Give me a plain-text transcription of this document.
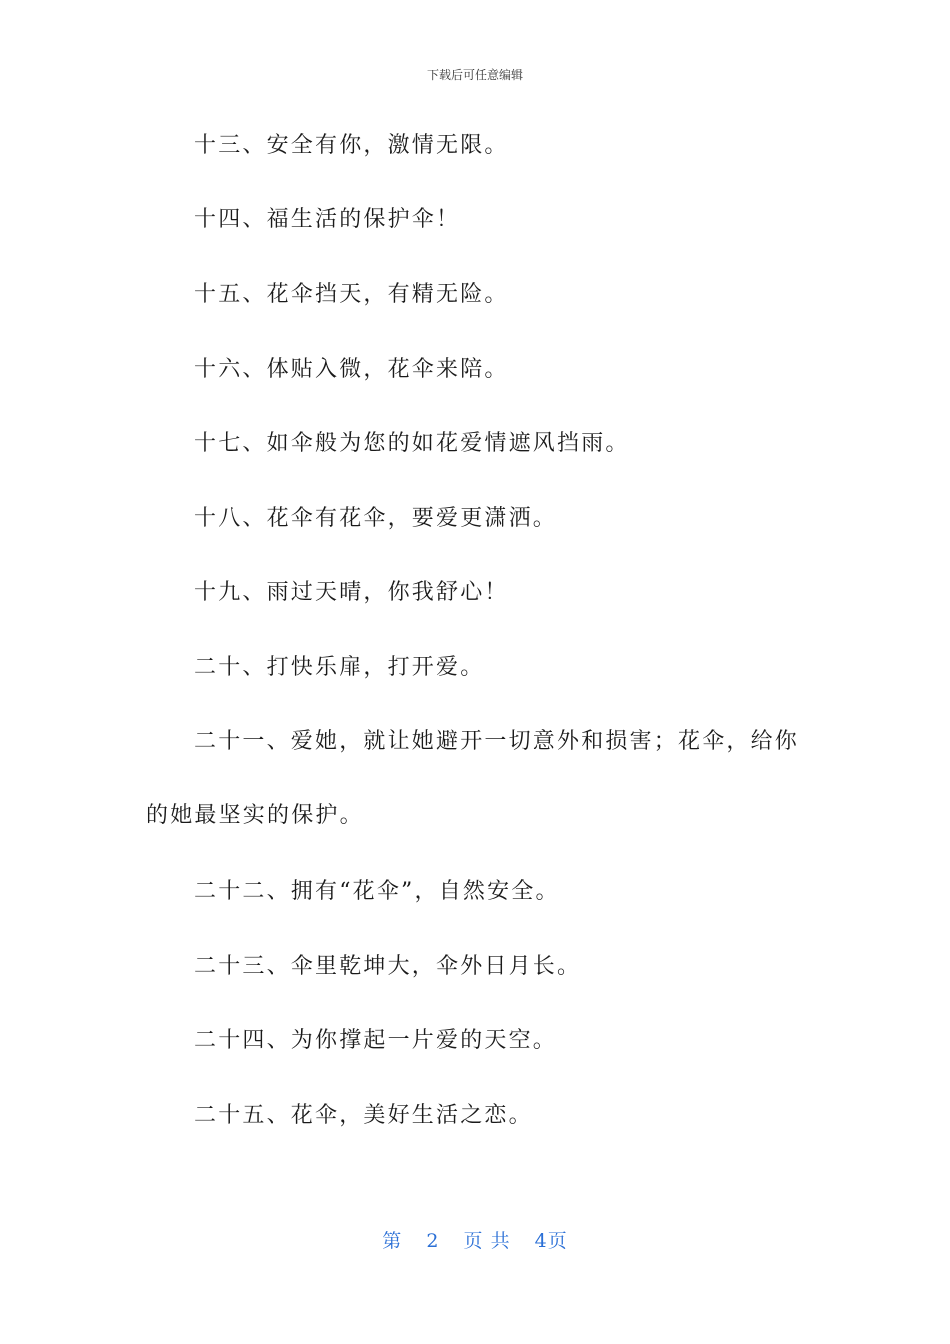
下载后可任意编辑

十三、安全有你，激情无限。

十四、福生活的保护伞！

十五、花伞挡天，有精无险。

十六、体贴入微，花伞来陪。

十七、如伞般为您的如花爱情遮风挡雨。

十八、花伞有花伞，要爱更潇洒。

十九、雨过天晴，你我舒心！

二十、打快乐扉，打开爱。

二十一、爱她，就让她避开一切意外和损害；花伞，给你的她最坚实的保护。

二十二、拥有“花伞”，自然安全。

二十三、伞里乾坤大，伞外日月长。

二十四、为你撑起一片爱的天空。

二十五、花伞，美好生活之恋。

第 2 页 共 4页
